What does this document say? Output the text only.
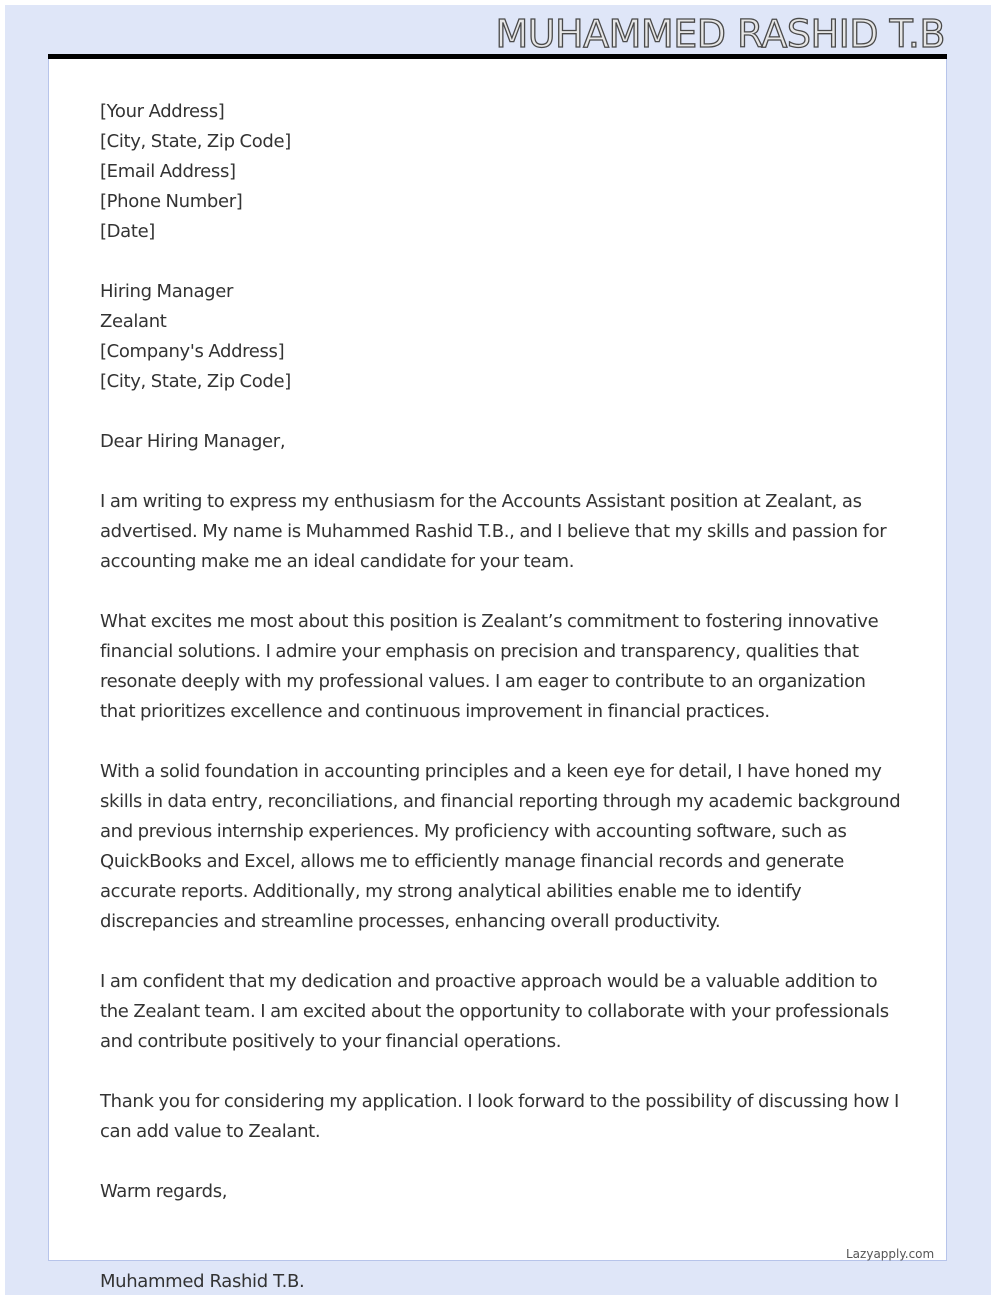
MUHAMMED RASHID T.B
[Your Address]
[City, State, Zip Code]
[Email Address]
[Phone Number]
[Date]
Hiring Manager
Zealant
[Company's Address]
[City, State, Zip Code]

Dear Hiring Manager,

I am writing to express my enthusiasm for the Accounts Assistant position at Zealant, as advertised. My name is Muhammed Rashid T.B., and I believe that my skills and passion for accounting make me an ideal candidate for your team.

What excites me most about this position is Zealant’s commitment to fostering innovative financial solutions. I admire your emphasis on precision and transparency, qualities that resonate deeply with my professional values. I am eager to contribute to an organization that prioritizes excellence and continuous improvement in financial practices.

With a solid foundation in accounting principles and a keen eye for detail, I have honed my skills in data entry, reconciliations, and financial reporting through my academic background and previous internship experiences. My proficiency with accounting software, such as QuickBooks and Excel, allows me to efficiently manage financial records and generate accurate reports. Additionally, my strong analytical abilities enable me to identify discrepancies and streamline processes, enhancing overall productivity.

I am confident that my dedication and proactive approach would be a valuable addition to the Zealant team. I am excited about the opportunity to collaborate with your professionals and contribute positively to your financial operations.

Thank you for considering my application. I look forward to the possibility of discussing how I can add value to Zealant.

Warm regards,

Lazyapply.com
Muhammed Rashid T.B.
